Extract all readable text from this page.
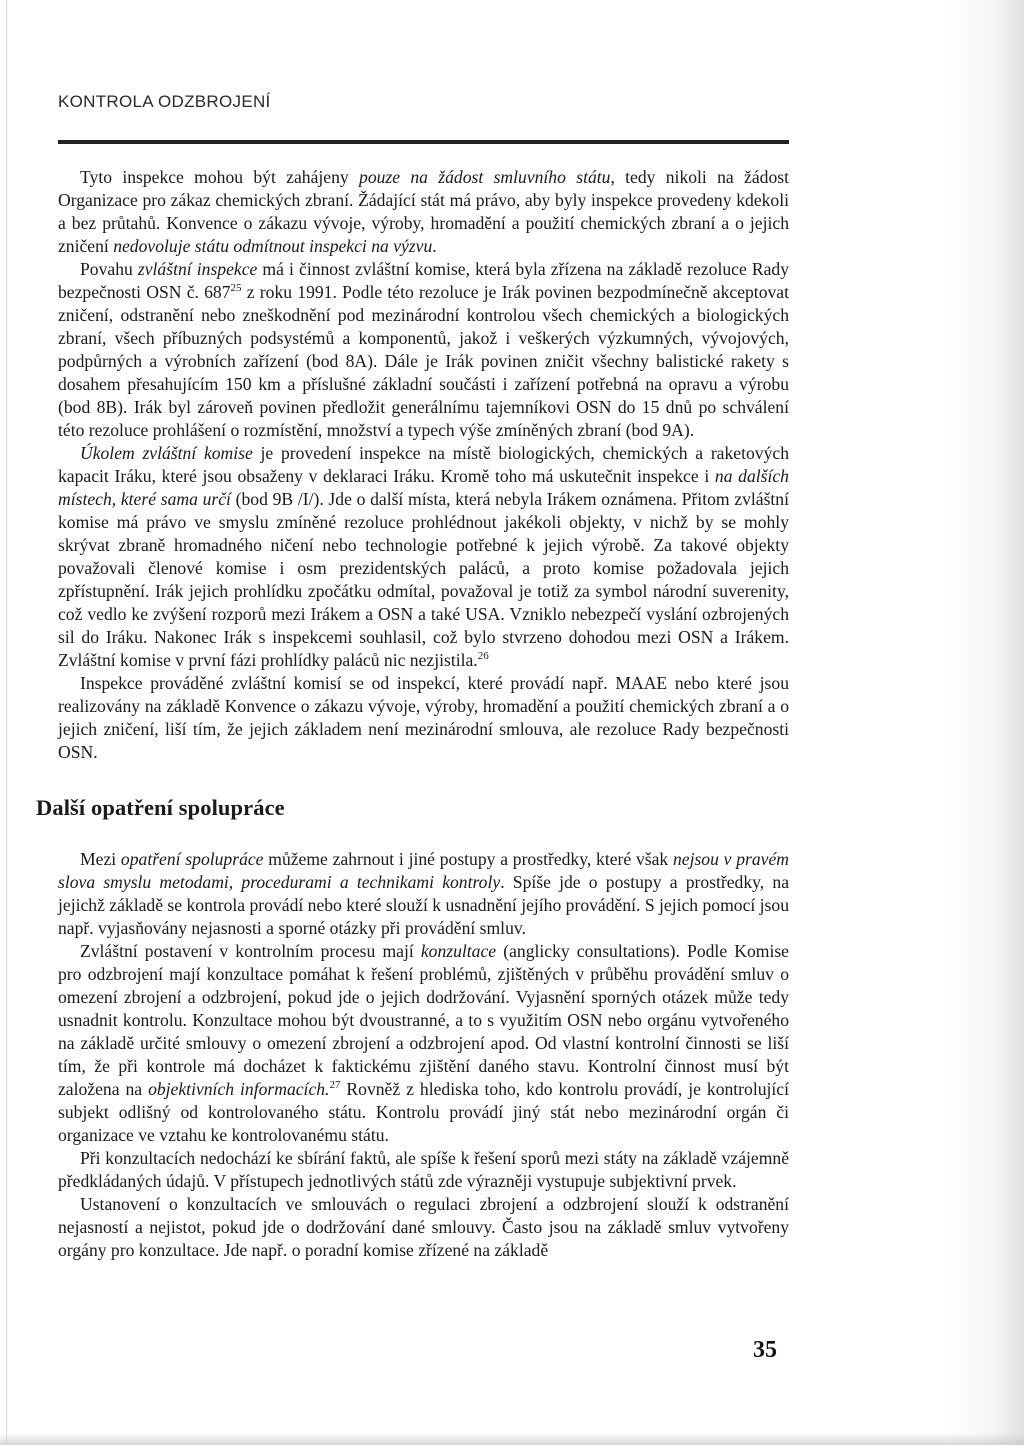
KONTROLA ODZBROJENÍ

Tyto inspekce mohou být zahájeny pouze na žádost smluvního státu, tedy nikoli na žádost Organizace pro zákaz chemických zbraní. Žádající stát má právo, aby byly inspekce provedeny kdekoli a bez průtahů. Konvence o zákazu vývoje, výroby, hromadění a použití chemických zbraní a o jejich zničení nedovoluje státu odmítnout inspekci na výzvu.

Povahu zvláštní inspekce má i činnost zvláštní komise, která byla zřízena na základě rezoluce Rady bezpečnosti OSN č. $687^{25}$ z roku 1991. Podle této rezoluce je Irák povinen bezpodmínečně akceptovat zničení, odstranění nebo zneškodnění pod mezinárodní kontrolou všech chemických a biologických zbraní, všech příbuzných podsystémů a komponentů, jakož i veškerých výzkumných, vývojových, podpůrných a výrobních zařízení (bod 8A). Dále je Irák povinen zničit všechny balistické rakety s dosahem přesahujícím 150 km a příslušné základní součásti i zařízení potřebná na opravu a výrobu (bod 8B). Irák byl zároveň povinen předložit generálnímu tajemníkovi OSN do 15 dnů po schválení této rezoluce prohlášení o rozmístění, množství a typech výše zmíněných zbraní (bod 9A).

Úkolem zvláštní komise je provedení inspekce na místě biologických, chemických a raketových kapacit Iráku, které jsou obsaženy v deklaraci Iráku. Kromě toho má uskutečnit inspekce i na dalších místech, které sama určí (bod 9B /I/). Jde o další místa, která nebyla Irákem oznámena. Přitom zvláštní komise má právo ve smyslu zmíněné rezoluce prohlédnout jakékoli objekty, v nichž by se mohly skrývat zbraně hromadného ničení nebo technologie potřebné k jejich výrobě. Za takové objekty považovali členové komise i osm prezidentských paláců, a proto komise požadovala jejich zpřístupnění. Irák jejich prohlídku zpočátku odmítal, považoval je totiž za symbol národní suverenity, což vedlo ke zvýšení rozporů mezi Irákem a OSN a také USA. Vzniklo nebezpečí vyslání ozbrojených sil do Iráku. Nakonec Irák s inspekcemi souhlasil, což bylo stvrzeno dohodou mezi OSN a Irákem. Zvláštní komise v první fázi prohlídky paláců nic nezjistila.$^{26}$

Inspekce prováděné zvláštní komisí se od inspekcí, které provádí např. MAAE nebo které jsou realizovány na základě Konvence o zákazu vývoje, výroby, hromadění a použití chemických zbraní a o jejich zničení, liší tím, že jejich základem není mezinárodní smlouva, ale rezoluce Rady bezpečnosti OSN.

Další opatření spolupráce

Mezi opatření spolupráce můžeme zahrnout i jiné postupy a prostředky, které však nejsou v pravém slova smyslu metodami, procedurami a technikami kontroly. Spíše jde o postupy a prostředky, na jejichž základě se kontrola provádí nebo které slouží k usnadnění jejího provádění. S jejich pomocí jsou např. vyjasňovány nejasnosti a sporné otázky při provádění smluv.

Zvláštní postavení v kontrolním procesu mají konzultace (anglicky consultations). Podle Komise pro odzbrojení mají konzultace pomáhat k řešení problémů, zjištěných v průběhu provádění smluv o omezení zbrojení a odzbrojení, pokud jde o jejich dodržování. Vyjasnění sporných otázek může tedy usnadnit kontrolu. Konzultace mohou být dvoustranné, a to s využitím OSN nebo orgánu vytvořeného na základě určité smlouvy o omezení zbrojení a odzbrojení apod. Od vlastní kontrolní činnosti se liší tím, že při kontrole má docházet k faktickému zjištění daného stavu. Kontrolní činnost musí být založena na objektivních informacích.$^{27}$ Rovněž z hlediska toho, kdo kontrolu provádí, je kontrolující subjekt odlišný od kontrolovaného státu. Kontrolu provádí jiný stát nebo mezinárodní orgán či organizace ve vztahu ke kontrolovanému státu.

Při konzultacích nedochází ke sbírání faktů, ale spíše k řešení sporů mezi státy na základě vzájemně předkládaných údajů. V přístupech jednotlivých států zde výrazněji vystupuje subjektivní prvek.

Ustanovení o konzultacích ve smlouvách o regulaci zbrojení a odzbrojení slouží k odstranění nejasností a nejistot, pokud jde o dodržování dané smlouvy. Často jsou na základě smluv vytvořeny orgány pro konzultace. Jde např. o poradní komise zřízené na základě

35
